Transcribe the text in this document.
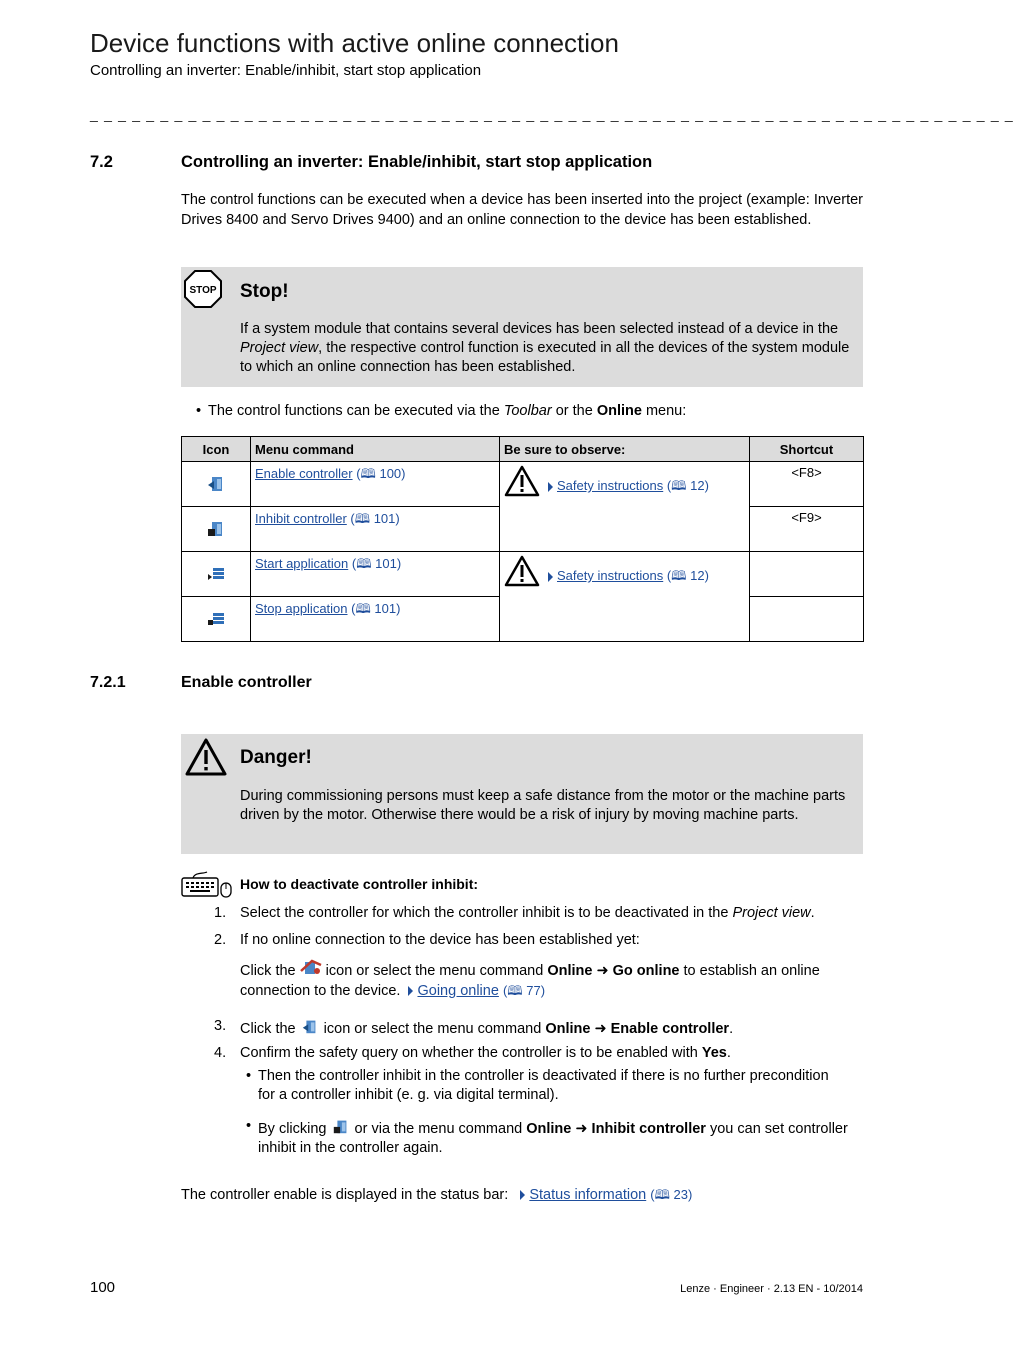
Device functions with active online connection
Controlling an inverter: Enable/inhibit, start stop application
_ _ _ _ _ _ _ _ _ _ _ _ _ _ _ _ _ _ _ _ _ _ _ _ _ _ _ _ _ _ _ _ _ _ _ _ _ _ _ _ _ _ _ _ _ _ _ _ _ _ _ _ _ _ _ _ _ _ _ _ _ _ _ _ _ _
7.2	Controlling an inverter: Enable/inhibit, start stop application
The control functions can be executed when a device has been inserted into the project (example: Inverter Drives 8400 and Servo Drives 9400) and an online connection to the device has been established.
STOP Stop!
If a system module that contains several devices has been selected instead of a device in the Project view, the respective control function is executed in all the devices of the system module to which an online connection has been established.
• The control functions can be executed via the Toolbar or the Online menu:
Icon	Menu command	Be sure to observe:	Shortcut
	Enable controller (🕮 100)	Safety instructions (🕮 12)	<F8>
	Inhibit controller (🕮 101)		<F9>
	Start application (🕮 101)	Safety instructions (🕮 12)	

	Stop application (🕮 101)		
7.2.1	Enable controller
Danger!
During commissioning persons must keep a safe distance from the motor or the machine parts driven by the motor. Otherwise there would be a risk of injury by moving machine parts.
How to deactivate controller inhibit:
1. Select the controller for which the controller inhibit is to be deactivated in the Project view.
2. If no online connection to the device has been established yet:
Click the  icon or select the menu command Online ➜ Go online to establish an online connection to the device. Going online (🕮 77)
3. Click the  icon or select the menu command Online ➜ Enable controller.
4. Confirm the safety query on whether the controller is to be enabled with Yes.
• Then the controller inhibit in the controller is deactivated if there is no further precondition for a controller inhibit (e. g. via digital terminal).
• By clicking  or via the menu command Online ➜ Inhibit controller you can set controller inhibit in the controller again.
The controller enable is displayed in the status bar: Status information (🕮 23)
100	Lenze · Engineer · 2.13 EN - 10/2014
